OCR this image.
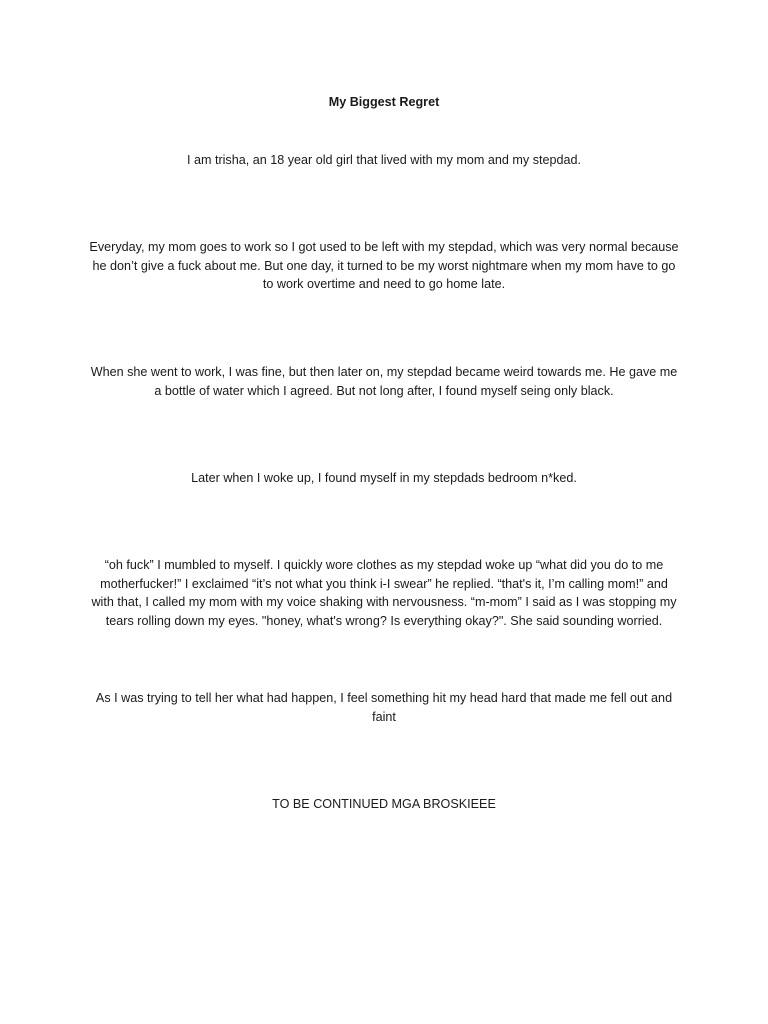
My Biggest Regret

I am trisha, an 18 year old girl that lived with my mom and my stepdad.

Everyday, my mom goes to work so I got used to be left with my stepdad, which was very normal because he don’t give a fuck about me. But one day, it turned to be my worst nightmare when my mom have to go to work overtime and need to go home late.

When she went to work, I was fine, but then later on, my stepdad became weird towards me. He gave me a bottle of water which I agreed. But not long after, I found myself seing only black.

Later when I woke up, I found myself in my stepdads bedroom n*ked.

“oh fuck” I mumbled to myself. I quickly wore clothes as my stepdad woke up “what did you do to me motherfucker!” I exclaimed “it’s not what you think i-I swear” he replied. “that's it, I’m calling mom!” and with that, I called my mom with my voice shaking with nervousness. “m-mom” I said as I was stopping my tears rolling down my eyes. "honey, what's wrong? Is everything okay?". She said sounding worried.

As I was trying to tell her what had happen, I feel something hit my head hard that made me fell out and faint

TO BE CONTINUED MGA BROSKIEEE
